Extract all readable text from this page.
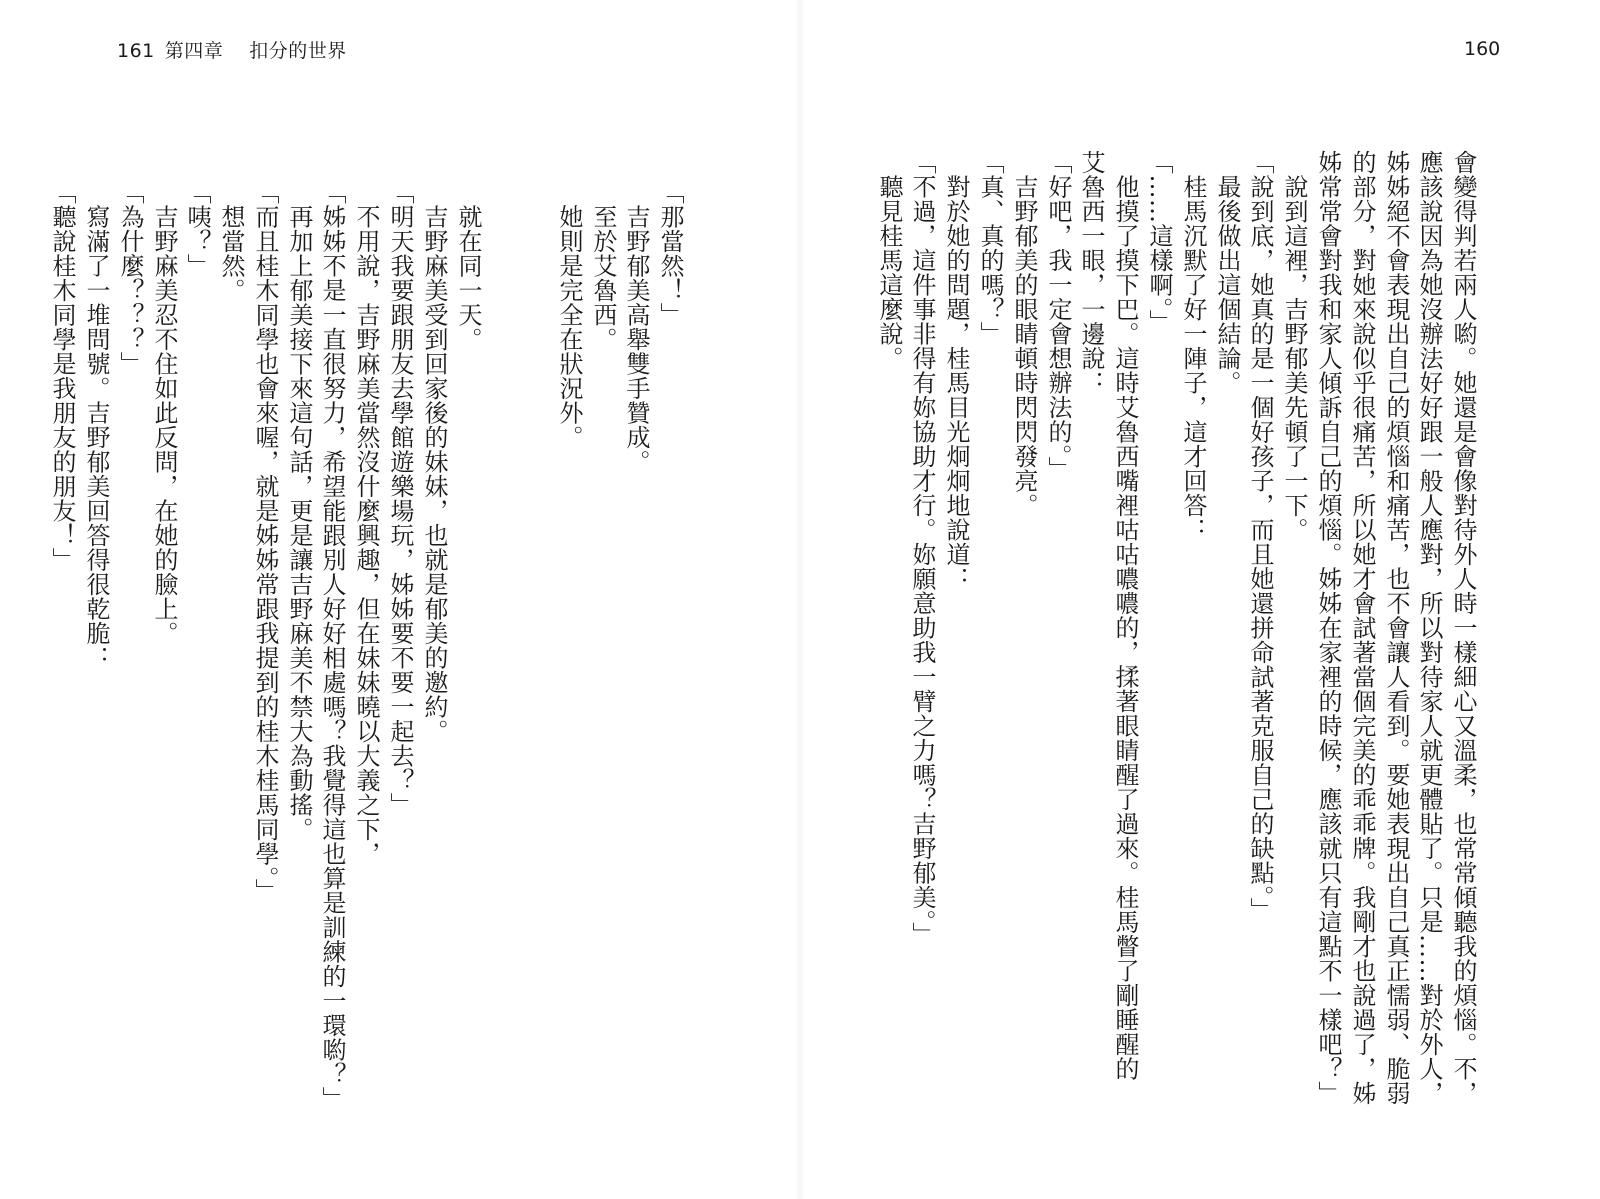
161 第四章 扣分的世界	160
會變得判若兩人喲。她還是會像對待外人時一樣細心又溫柔，也常常傾聽我的煩惱。不，
應該說因為她沒辦法好好跟一般人應對，所以對待家人就更體貼了。只是……對於外人，
姊姊絕不會表現出自己的煩惱和痛苦，也不會讓人看到。要她表現出自己真正懦弱、脆弱
的部分，對她來說似乎很痛苦，所以她才會試著當個完美的乖乖牌。我剛才也說過了，姊
姊常常會對我和家人傾訴自己的煩惱。姊姊在家裡的時候，應該就只有這點不一樣吧？」
　說到這裡，吉野郁美先頓了一下。
「說到底，她真的是一個好孩子，而且她還拼命試著克服自己的缺點。」
　最後做出這個結論。
　桂馬沉默了好一陣子，這才回答：
「……這樣啊。」
　他摸了摸下巴。這時艾魯西嘴裡咕咕噥噥的，揉著眼睛醒了過來。桂馬瞥了剛睡醒的
艾魯西一眼，一邊說：
「好吧，我一定會想辦法的。」
　吉野郁美的眼睛頓時閃閃發亮。
「真、真的嗎？」
　對於她的問題，桂馬目光炯炯地說道：
「不過，這件事非得有妳協助才行。妳願意助我一臂之力嗎？吉野郁美。」
　聽見桂馬這麼說。
「那當然！」
　吉野郁美高舉雙手贊成。
　至於艾魯西。
　她則是完全在狀況外。
　就在同一天。
　吉野麻美受到回家後的妹妹，也就是郁美的邀約。
「明天我要跟朋友去學館遊樂場玩，姊姊要不要一起去？」
　不用說，吉野麻美當然沒什麼興趣，但在妹妹曉以大義之下，
「姊姊不是一直很努力，希望能跟別人好好相處嗎？我覺得這也算是訓練的一環喲？」
　再加上郁美接下來這句話，更是讓吉野麻美不禁大為動搖。
「而且桂木同學也會來喔，就是姊姊常跟我提到的桂木桂馬同學。」
　想當然。
「咦？」
　吉野麻美忍不住如此反問，在她的臉上。
「為什麼？？？」
　寫滿了一堆問號。吉野郁美回答得很乾脆：
「聽說桂木同學是我朋友的朋友！」
